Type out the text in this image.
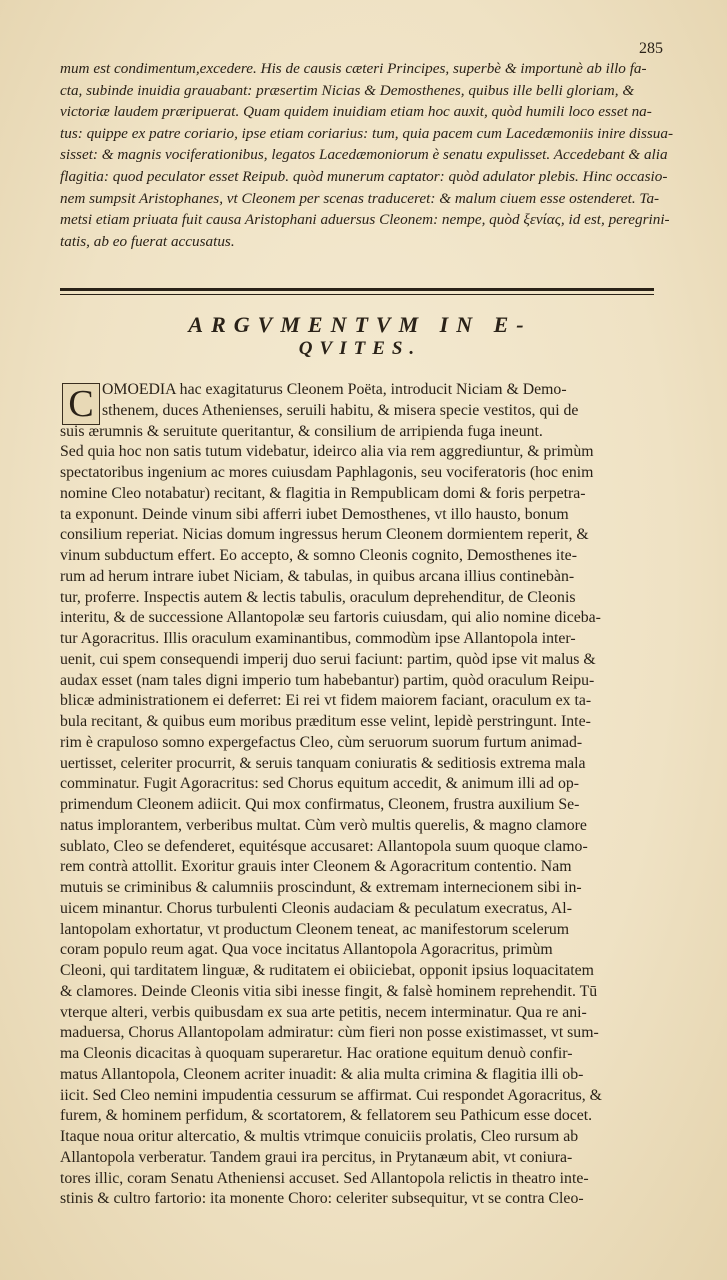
285
mum est condimentum,excedere. His de causis cæteri Principes, superbè & importunè ab illo fa-
cta, subinde inuidia grauabant: præsertim Nicias & Demosthenes, quibus ille belli gloriam, &
victoriæ laudem præripuerat. Quam quidem inuidiam etiam hoc auxit, quòd humili loco esset na-
tus: quippe ex patre coriario, ipse etiam coriarius: tum, quia pacem cum Lacedæmoniis inire dissua-
sisset: & magnis vociferationibus, legatos Lacedæmoniorum è senatu expulisset. Accedebant & alia
flagitia: quod peculator esset Reipub. quòd munerum captator: quòd adulator plebis. Hinc occasio-
nem sumpsit Aristophanes, vt Cleonem per scenas traduceret: & malum ciuem esse ostenderet. Ta-
metsi etiam priuata fuit causa Aristophani aduersus Cleonem: nempe, quòd ξενίας, id est, peregrini-
tatis, ab eo fuerat accusatus.
ARGVMENTVM IN E-
QVITES.
C OMOEDIA hac exagitaturus Cleonem Poëta, introducit Niciam & Demo-
sthenem, duces Athenienses, seruili habitu, & misera specie vestitos, qui de
suis ærumnis & seruitute queritantur, & consilium de arripienda fuga ineunt.
Sed quia hoc non satis tutum videbatur, ideirco alia via rem aggrediuntur, & primùm
spectatoribus ingenium ac mores cuiusdam Paphlagonis, seu vociferatoris (hoc enim
nomine Cleo notabatur) recitant, & flagitia in Rempublicam domi & foris perpetra-
ta exponunt. Deinde vinum sibi afferri iubet Demosthenes, vt illo hausto, bonum
consilium reperiat. Nicias domum ingressus herum Cleonem dormientem reperit, &
vinum subductum effert. Eo accepto, & somno Cleonis cognito, Demosthenes ite-
rum ad herum intrare iubet Niciam, & tabulas, in quibus arcana illius continebàn-
tur, proferre. Inspectis autem & lectis tabulis, oraculum deprehenditur, de Cleonis
interitu, & de successione Allantopolæ seu fartoris cuiusdam, qui alio nomine diceba-
tur Agoracritus. Illis oraculum examinantibus, commodùm ipse Allantopola inter-
uenit, cui spem consequendi imperij duo serui faciunt: partim, quòd ipse vit malus &
audax esset (nam tales digni imperio tum habebantur) partim, quòd oraculum Reipu-
blicæ administrationem ei deferret: Ei rei vt fidem maiorem faciant, oraculum ex ta-
bula recitant, & quibus eum moribus præditum esse velint, lepidè perstringunt. Inte-
rim è crapuloso somno expergefactus Cleo, cùm seruorum suorum furtum animad-
uertisset, celeriter procurrit, & seruis tanquam coniuratis & seditiosis extrema mala
comminatur. Fugit Agoracritus: sed Chorus equitum accedit, & animum illi ad op-
primendum Cleonem adiicit. Qui mox confirmatus, Cleonem, frustra auxilium Se-
natus implorantem, verberibus multat. Cùm verò multis querelis, & magno clamore
sublato, Cleo se defenderet, equitésque accusaret: Allantopola suum quoque clamo-
rem contrà attollit. Exoritur grauis inter Cleonem & Agoracritum contentio. Nam
mutuis se criminibus & calumniis proscindunt, & extremam internecionem sibi in-
uicem minantur. Chorus turbulenti Cleonis audaciam & peculatum execratus, Al-
lantopolam exhortatur, vt productum Cleonem teneat, ac manifestorum scelerum
coram populo reum agat. Qua voce incitatus Allantopola Agoracritus, primùm
Cleoni, qui tarditatem linguæ, & ruditatem ei obiiciebat, opponit ipsius loquacitatem
& clamores. Deinde Cleonis vitia sibi inesse fingit, & falsè hominem reprehendit. Tū
vterque alteri, verbis quibusdam ex sua arte petitis, necem interminatur. Qua re ani-
maduersa, Chorus Allantopolam admiratur: cùm fieri non posse existimasset, vt sum-
ma Cleonis dicacitas à quoquam superaretur. Hac oratione equitum denuò confir-
matus Allantopola, Cleonem acriter inuadit: & alia multa crimina & flagitia illi ob-
iicit. Sed Cleo nemini impudentia cessurum se affirmat. Cui respondet Agoracritus, &
furem, & hominem perfidum, & scortatorem, & fellatorem seu Pathicum esse docet.
Itaque noua oritur altercatio, & multis vtrimque conuiciis prolatis, Cleo rursum ab
Allantopola verberatur. Tandem graui ira percitus, in Prytanæum abit, vt coniura-
tores illic, coram Senatu Atheniensi accuset. Sed Allantopola relictis in theatro inte-
stinis & cultro fartorio: ita monente Choro: celeriter subsequitur, vt se contra Cleo-
